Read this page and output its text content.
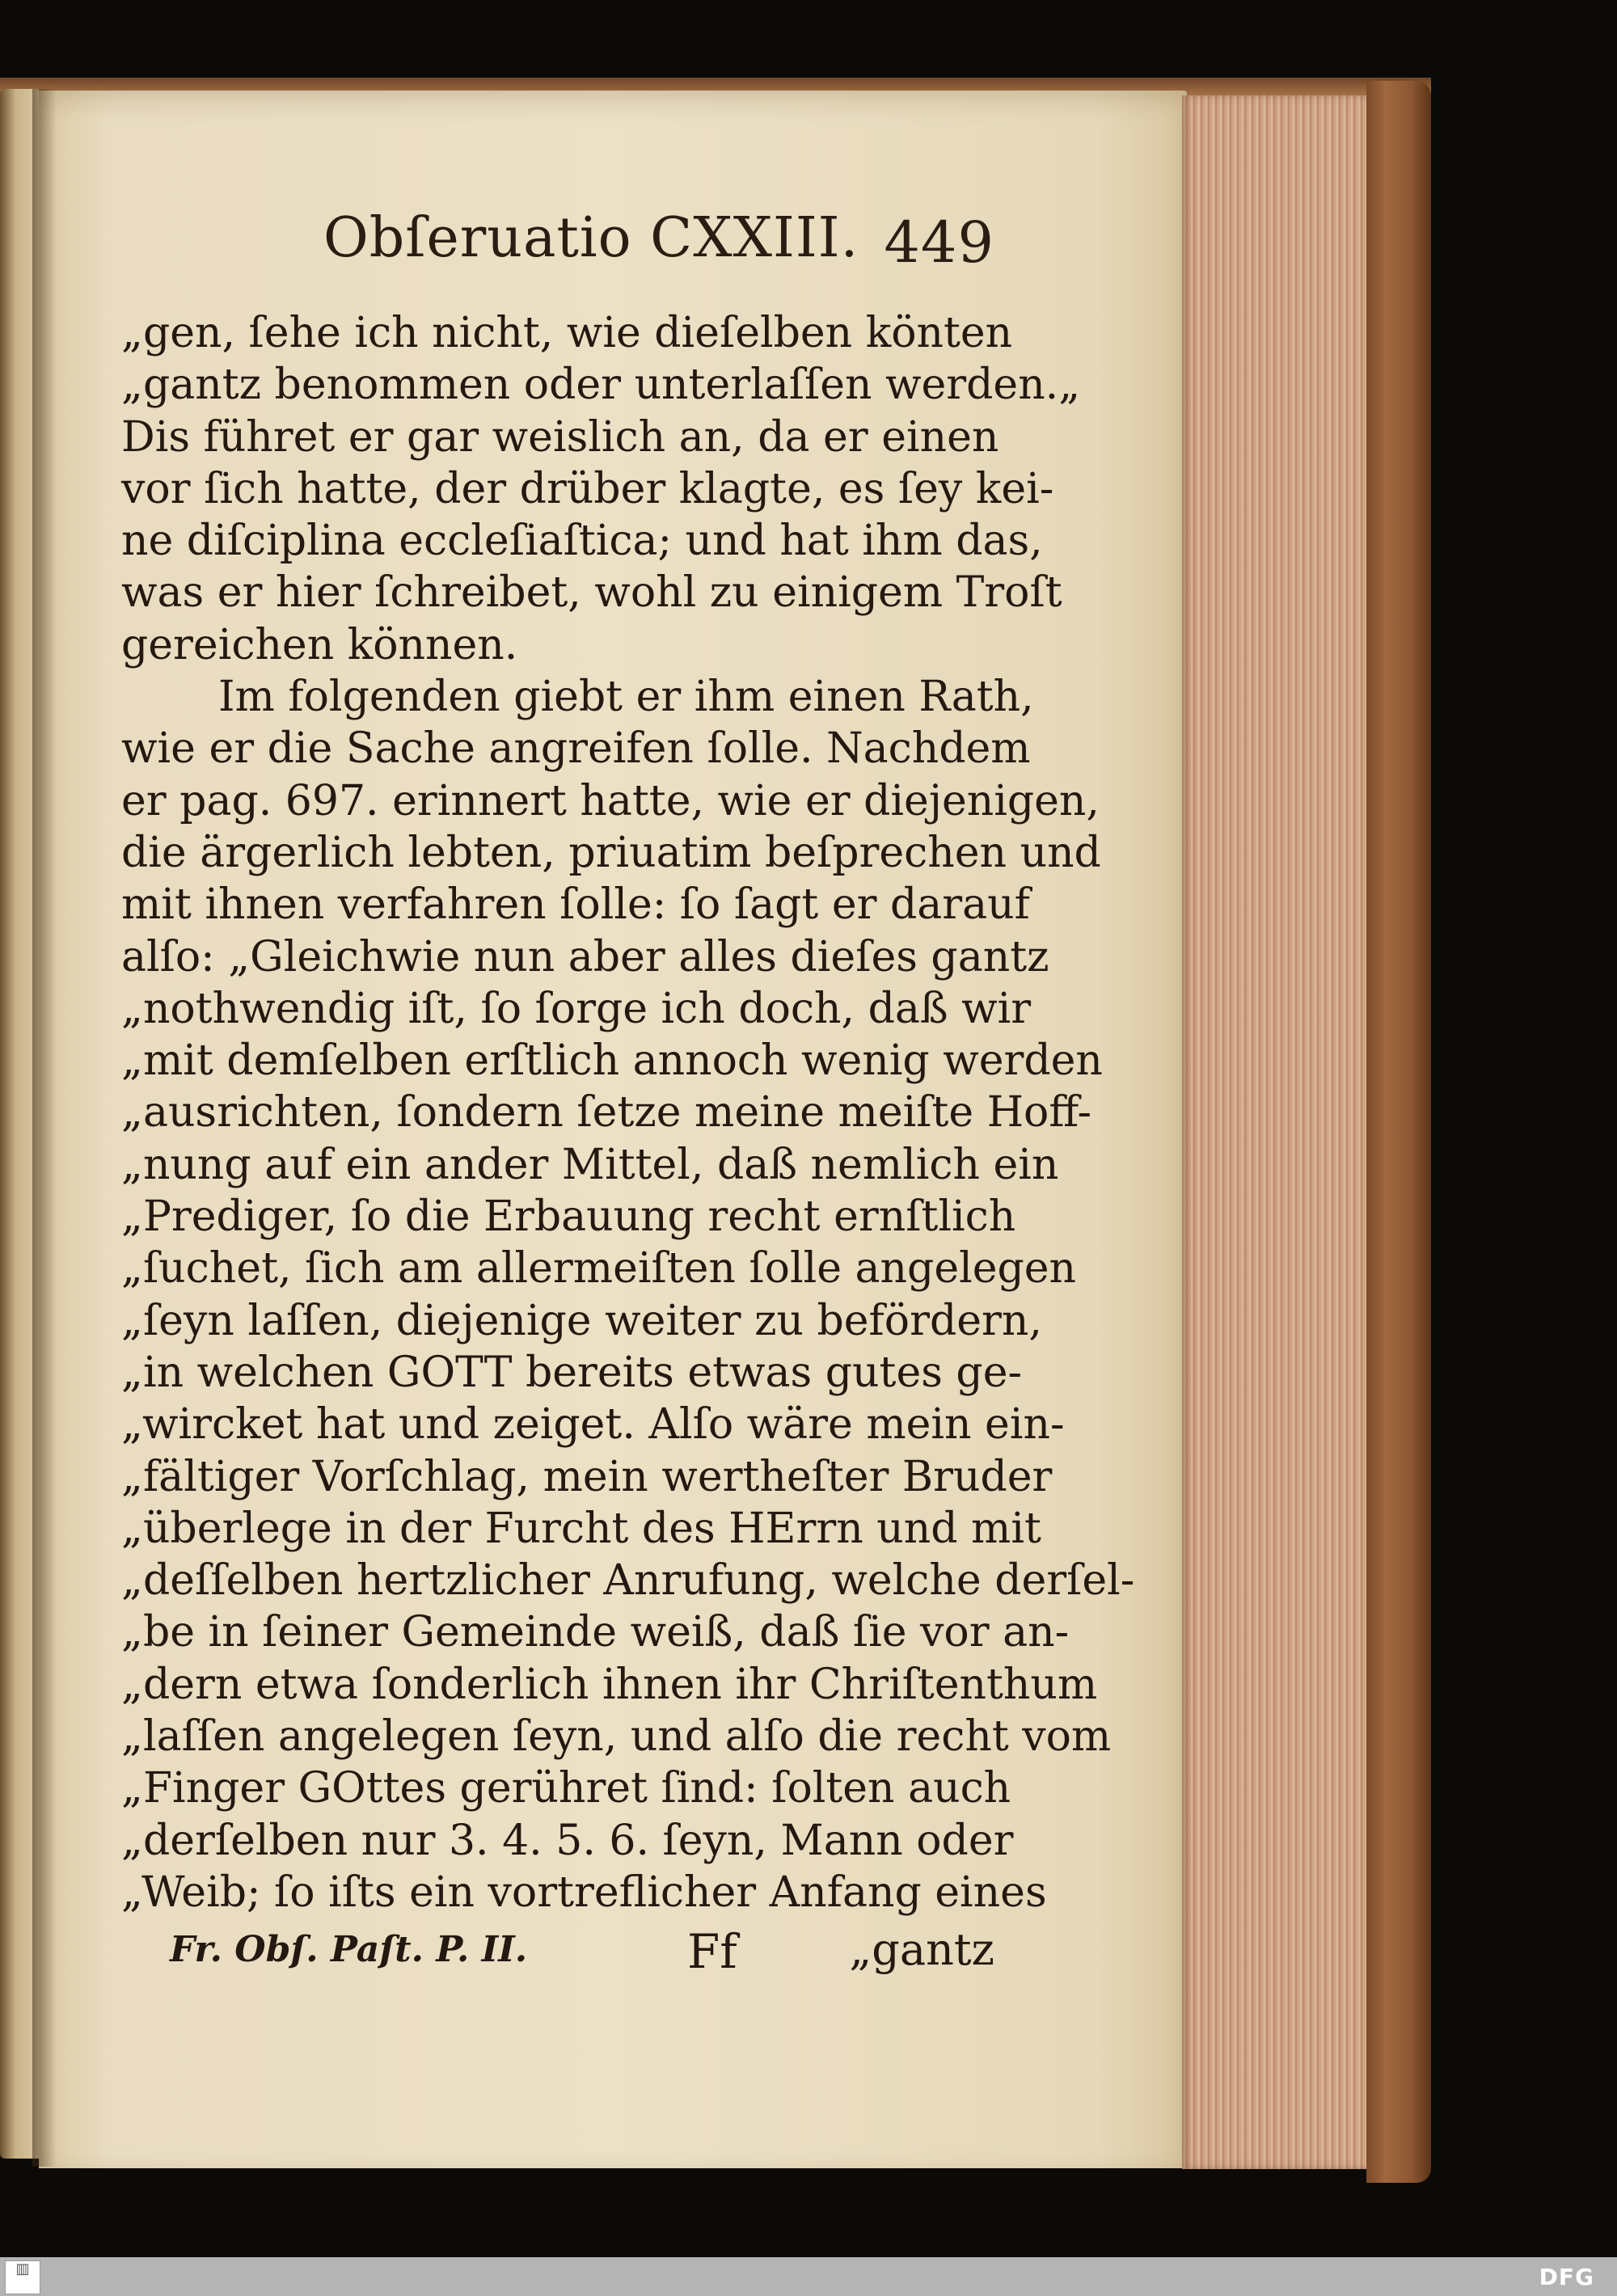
Obſeruatio CXXIII. 449
„gen, ſehe ich nicht, wie dieſelben könten
„gantz benommen oder unterlaſſen werden.„
Dis führet er gar weislich an, da er einen
vor ſich hatte, der drüber klagte, es ſey kei-
ne diſciplina eccleſiaſtica; und hat ihm das,
was er hier ſchreibet, wohl zu einigem Troſt
gereichen können.
Im folgenden giebt er ihm einen Rath,
wie er die Sache angreifen ſolle. Nachdem
er pag. 697. erinnert hatte, wie er diejenigen,
die ärgerlich lebten, priuatim beſprechen und
mit ihnen verfahren ſolle: ſo ſagt er darauf
alſo: „Gleichwie nun aber alles dieſes gantz
„nothwendig iſt, ſo ſorge ich doch, daß wir
„mit demſelben erſtlich annoch wenig werden
„ausrichten, ſondern ſetze meine meiſte Hoff-
„nung auf ein ander Mittel, daß nemlich ein
„Prediger, ſo die Erbauung recht ernſtlich
„ſuchet, ſich am allermeiſten ſolle angelegen
„ſeyn laſſen, diejenige weiter zu befördern,
„in welchen GOTT bereits etwas gutes ge-
„wircket hat und zeiget. Alſo wäre mein ein-
„fältiger Vorſchlag, mein wertheſter Bruder
„überlege in der Furcht des HErrn und mit
„deſſelben hertzlicher Anrufung, welche derſel-
„be in ſeiner Gemeinde weiß, daß ſie vor an-
„dern etwa ſonderlich ihnen ihr Chriſtenthum
„laſſen angelegen ſeyn, und alſo die recht vom
„Finger GOttes gerühret ſind: ſolten auch
„derſelben nur 3. 4. 5. 6. ſeyn, Mann oder
„Weib; ſo iſts ein vortreflicher Anfang eines
Fr. Obſ. Paſt. P. II.	Ff	„gantz
▥	DFG
